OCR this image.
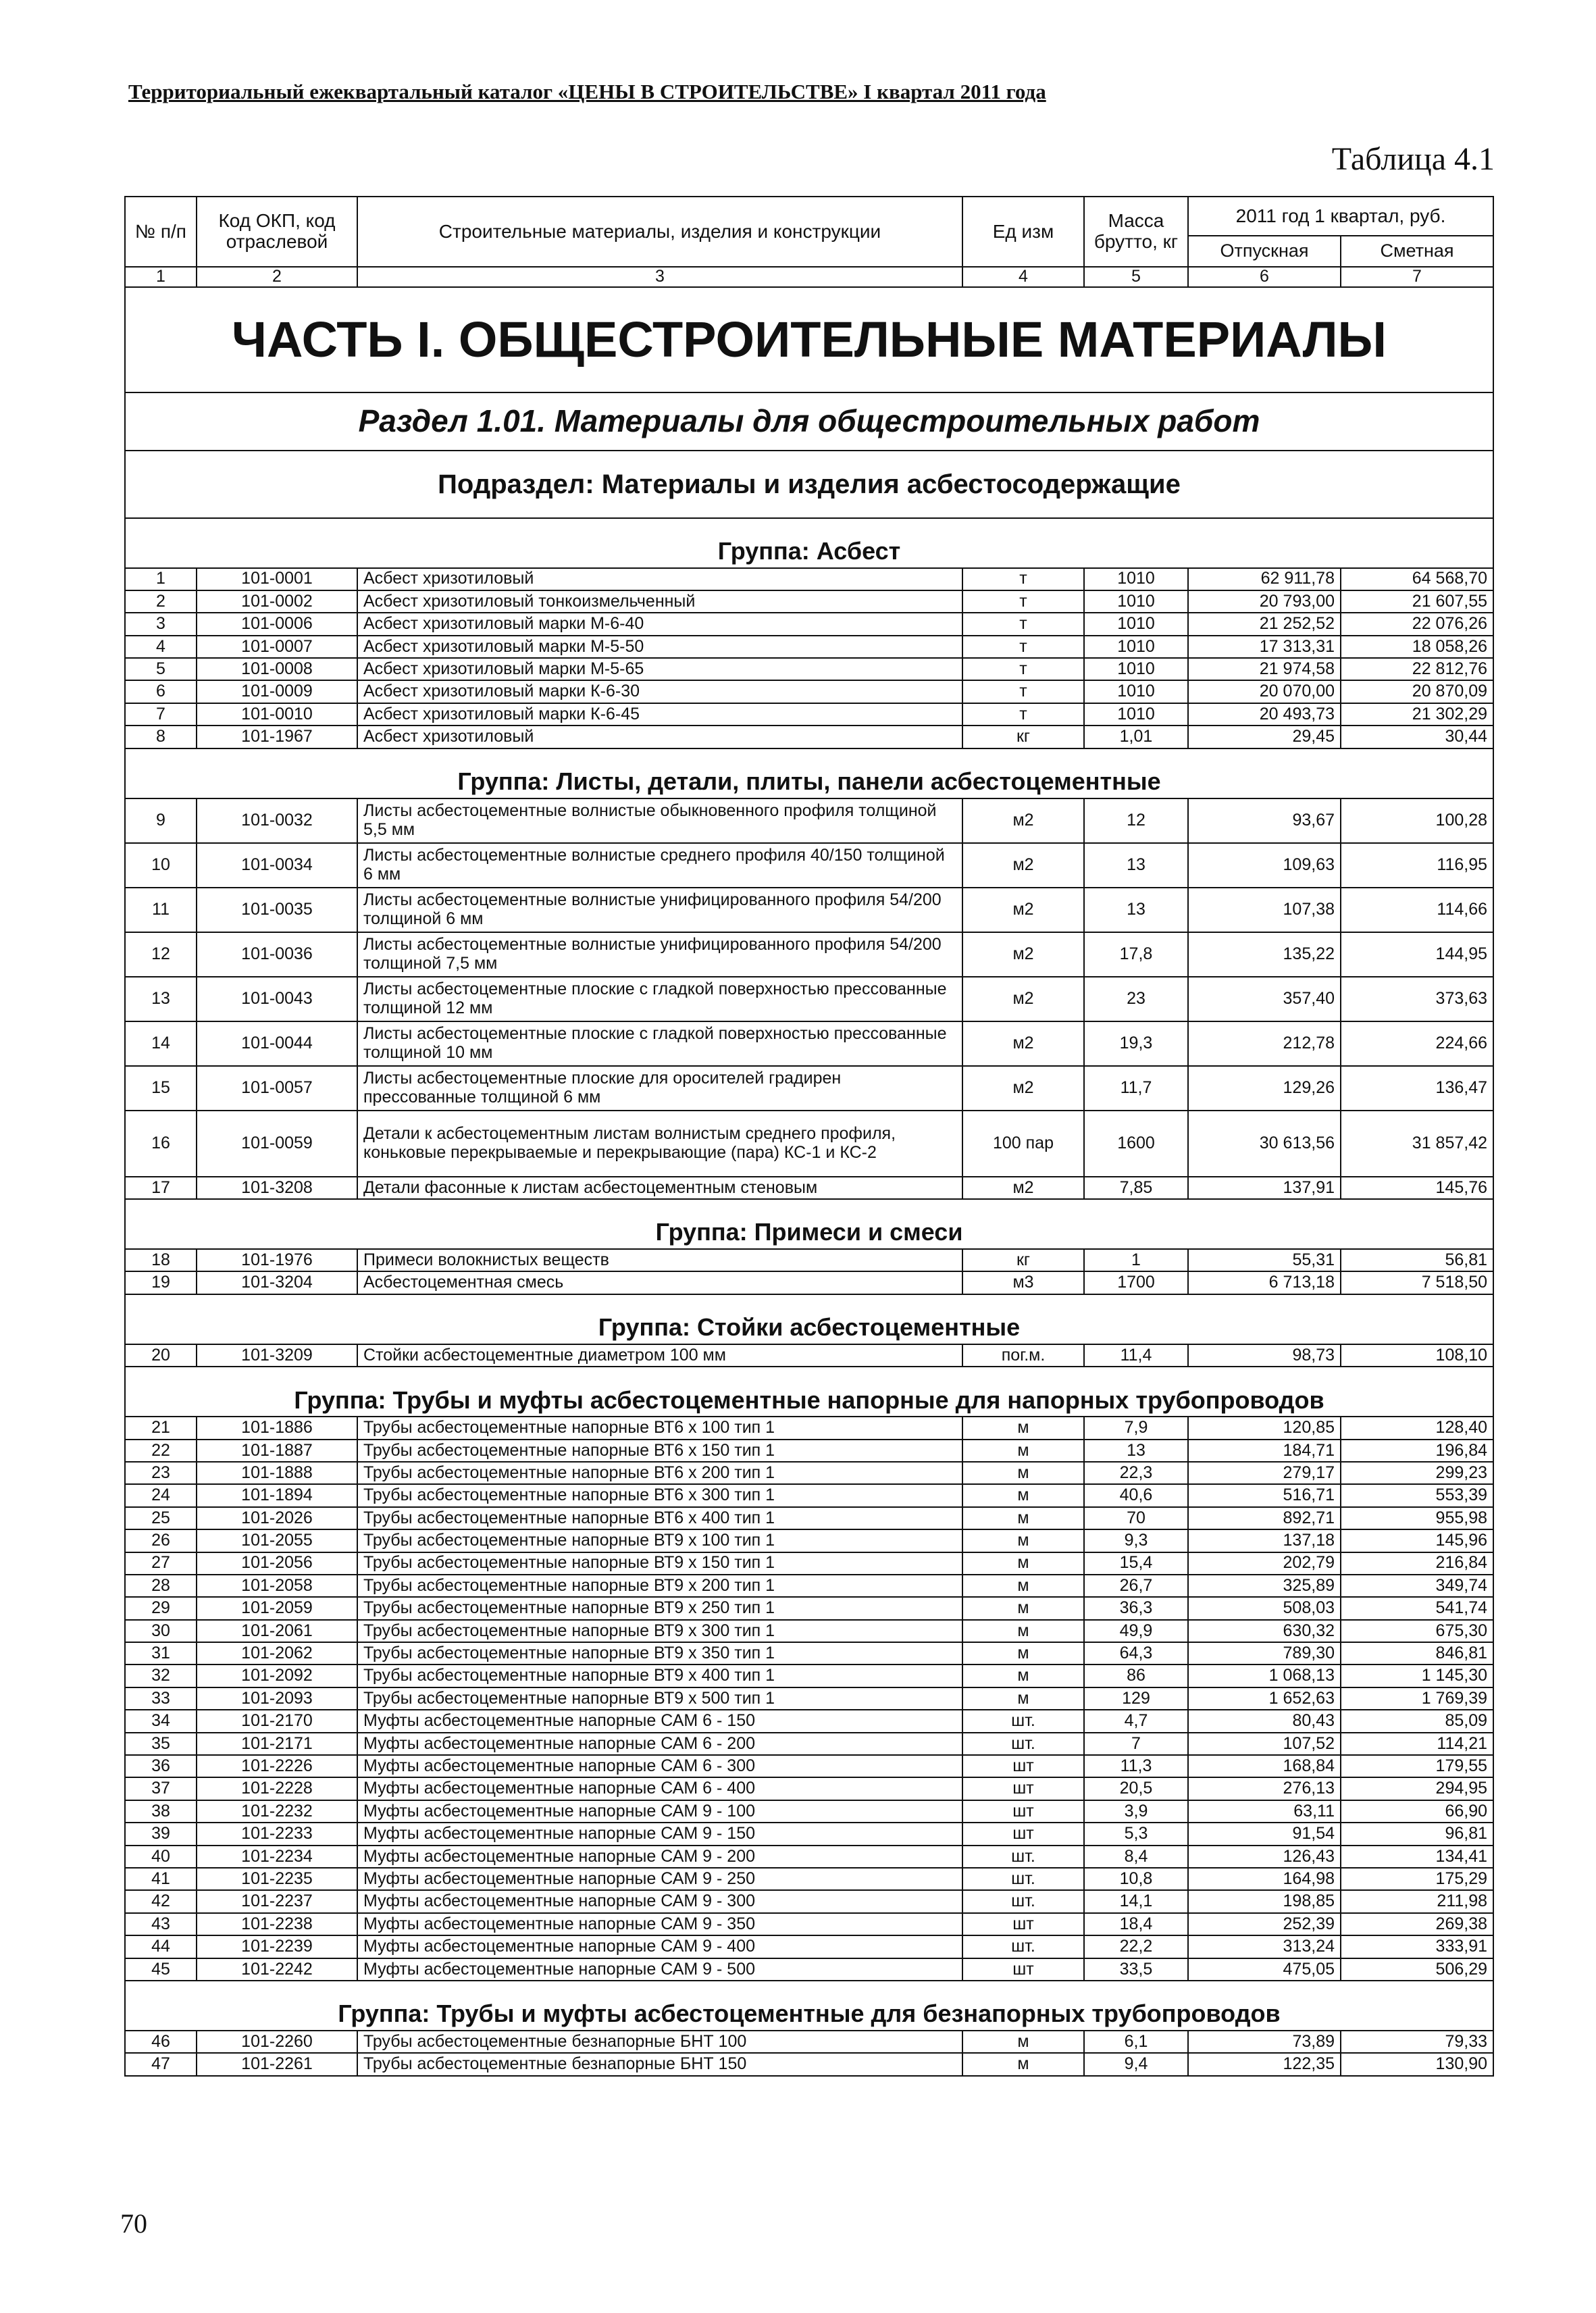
Территориальный ежеквартальный каталог «ЦЕНЫ В СТРОИТЕЛЬСТВЕ» I квартал 2011 года
Таблица 4.1
№ п/п	Код ОКП, код отраслевой	Строительные материалы, изделия и конструкции	Ед изм	Масса брутто, кг	2011 год 1 квартал, руб.	
					Отпускная	Сметная
1	2	3	4	5	6	7
ЧАСТЬ I. ОБЩЕСТРОИТЕЛЬНЫЕ МАТЕРИАЛЫ						
Раздел 1.01. Материалы для общестроительных работ						
Подраздел: Материалы и изделия асбестосодержащие						
Группа: Асбест						
1	101-0001	Асбест хризотиловый	т	1010	62 911,78	64 568,70
2	101-0002	Асбест хризотиловый тонкоизмельченный	т	1010	20 793,00	21 607,55
3	101-0006	Асбест хризотиловый марки М-6-40	т	1010	21 252,52	22 076,26
4	101-0007	Асбест хризотиловый марки М-5-50	т	1010	17 313,31	18 058,26
5	101-0008	Асбест хризотиловый марки М-5-65	т	1010	21 974,58	22 812,76
6	101-0009	Асбест хризотиловый марки К-6-30	т	1010	20 070,00	20 870,09
7	101-0010	Асбест хризотиловый марки К-6-45	т	1010	20 493,73	21 302,29
8	101-1967	Асбест хризотиловый	кг	1,01	29,45	30,44
Группа: Листы, детали, плиты, панели асбестоцементные						
9	101-0032	Листы асбестоцементные волнистые обыкновенного профиля толщиной 5,5 мм	м2	12	93,67	100,28
10	101-0034	Листы асбестоцементные волнистые среднего профиля 40/150 толщиной 6 мм	м2	13	109,63	116,95
11	101-0035	Листы асбестоцементные волнистые унифицированного профиля 54/200 толщиной 6 мм	м2	13	107,38	114,66
12	101-0036	Листы асбестоцементные волнистые унифицированного профиля 54/200 толщиной 7,5 мм	м2	17,8	135,22	144,95
13	101-0043	Листы асбестоцементные плоские с гладкой поверхностью прессованные толщиной 12 мм	м2	23	357,40	373,63
14	101-0044	Листы асбестоцементные плоские с гладкой поверхностью прессованные толщиной 10 мм	м2	19,3	212,78	224,66
15	101-0057	Листы асбестоцементные плоские для оросителей градирен прессованные толщиной 6 мм	м2	11,7	129,26	136,47
16	101-0059	Детали к асбестоцементным листам волнистым среднего профиля, коньковые перекрываемые и перекрывающие (пара) КС-1 и КС-2	100 пар	1600	30 613,56	31 857,42
17	101-3208	Детали фасонные к листам асбестоцементным стеновым	м2	7,85	137,91	145,76
Группа: Примеси и смеси						
18	101-1976	Примеси волокнистых веществ	кг	1	55,31	56,81
19	101-3204	Асбестоцементная смесь	м3	1700	6 713,18	7 518,50
Группа: Стойки асбестоцементные						
20	101-3209	Стойки асбестоцементные диаметром 100 мм	пог.м.	11,4	98,73	108,10
Группа: Трубы и муфты асбестоцементные напорные для напорных трубопроводов						
21	101-1886	Трубы асбестоцементные напорные ВТ6 х 100 тип 1	м	7,9	120,85	128,40
22	101-1887	Трубы асбестоцементные напорные ВТ6 х 150 тип 1	м	13	184,71	196,84
23	101-1888	Трубы асбестоцементные напорные ВТ6 х 200 тип 1	м	22,3	279,17	299,23
24	101-1894	Трубы асбестоцементные напорные ВТ6 х 300 тип 1	м	40,6	516,71	553,39
25	101-2026	Трубы асбестоцементные напорные ВТ6 х 400 тип 1	м	70	892,71	955,98
26	101-2055	Трубы асбестоцементные напорные ВТ9 х 100 тип 1	м	9,3	137,18	145,96
27	101-2056	Трубы асбестоцементные напорные ВТ9 х 150 тип 1	м	15,4	202,79	216,84
28	101-2058	Трубы асбестоцементные напорные ВТ9 х 200 тип 1	м	26,7	325,89	349,74
29	101-2059	Трубы асбестоцементные напорные ВТ9 х 250 тип 1	м	36,3	508,03	541,74
30	101-2061	Трубы асбестоцементные напорные ВТ9 х 300 тип 1	м	49,9	630,32	675,30
31	101-2062	Трубы асбестоцементные напорные ВТ9 х 350 тип 1	м	64,3	789,30	846,81
32	101-2092	Трубы асбестоцементные напорные ВТ9 х 400 тип 1	м	86	1 068,13	1 145,30
33	101-2093	Трубы асбестоцементные напорные ВТ9 х 500 тип 1	м	129	1 652,63	1 769,39
34	101-2170	Муфты асбестоцементные напорные САМ 6 - 150	шт.	4,7	80,43	85,09
35	101-2171	Муфты асбестоцементные напорные САМ 6 - 200	шт.	7	107,52	114,21
36	101-2226	Муфты асбестоцементные напорные САМ 6 - 300	шт	11,3	168,84	179,55
37	101-2228	Муфты асбестоцементные напорные САМ 6 - 400	шт	20,5	276,13	294,95
38	101-2232	Муфты асбестоцементные напорные САМ 9 - 100	шт	3,9	63,11	66,90
39	101-2233	Муфты асбестоцементные напорные САМ 9 - 150	шт	5,3	91,54	96,81
40	101-2234	Муфты асбестоцементные напорные САМ 9 - 200	шт.	8,4	126,43	134,41
41	101-2235	Муфты асбестоцементные напорные САМ 9 - 250	шт.	10,8	164,98	175,29
42	101-2237	Муфты асбестоцементные напорные САМ 9 - 300	шт.	14,1	198,85	211,98
43	101-2238	Муфты асбестоцементные напорные САМ 9 - 350	шт	18,4	252,39	269,38
44	101-2239	Муфты асбестоцементные напорные САМ 9 - 400	шт.	22,2	313,24	333,91
45	101-2242	Муфты асбестоцементные напорные САМ 9 - 500	шт	33,5	475,05	506,29
Группа: Трубы и муфты асбестоцементные для безнапорных трубопроводов						
46	101-2260	Трубы асбестоцементные безнапорные БНТ 100	м	6,1	73,89	79,33
47	101-2261	Трубы асбестоцементные безнапорные БНТ 150	м	9,4	122,35	130,90
70
